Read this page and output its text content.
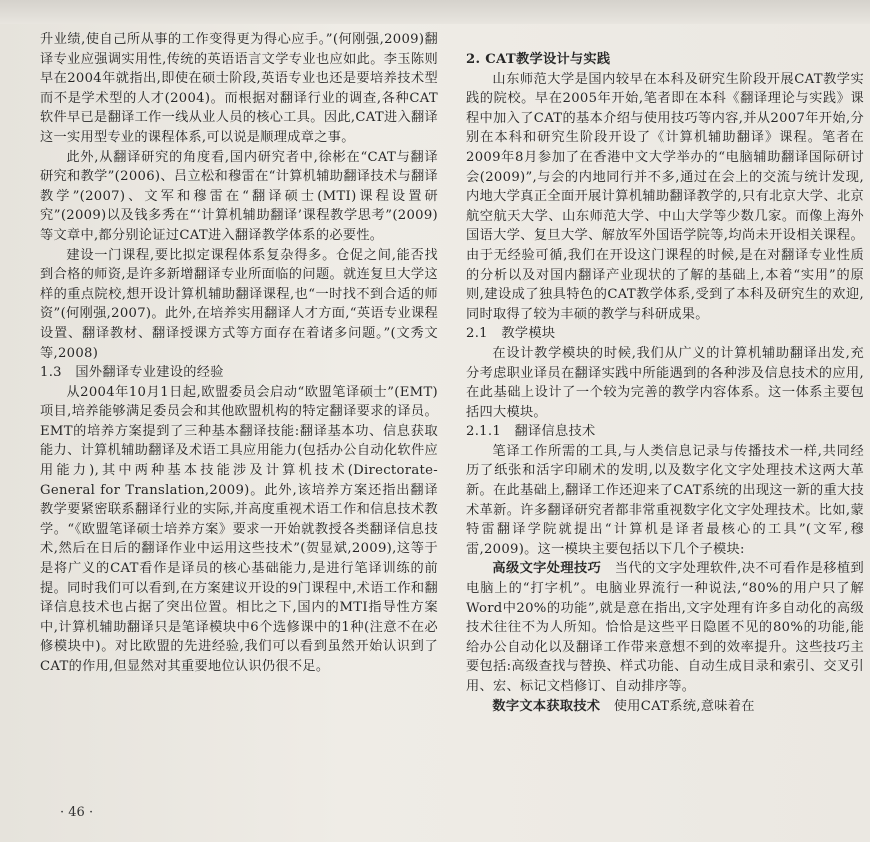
升业绩,使自己所从事的工作变得更为得心应手。”(何刚强,2009)翻译专业应强调实用性,传统的英语语言文学专业也应如此。李玉陈则早在2004年就指出,即使在硕士阶段,英语专业也还是要培养技术型而不是学术型的人才(2004)。而根据对翻译行业的调查,各种CAT软件早已是翻译工作一线从业人员的核心工具。因此,CAT进入翻译这一实用型专业的课程体系,可以说是顺理成章之事。

此外,从翻译研究的角度看,国内研究者中,徐彬在“CAT与翻译研究和教学”(2006)、吕立松和穆雷在“计算机辅助翻译技术与翻译教学”(2007)、文军和穆雷在“翻译硕士(MTI)课程设置研究”(2009)以及钱多秀在“‘计算机辅助翻译’课程教学思考”(2009)等文章中,都分别论证过CAT进入翻译教学体系的必要性。

建设一门课程,要比拟定课程体系复杂得多。仓促之间,能否找到合格的师资,是许多新增翻译专业所面临的问题。就连复旦大学这样的重点院校,想开设计算机辅助翻译课程,也“一时找不到合适的师资”(何刚强,2007)。此外,在培养实用翻译人才方面,“英语专业课程设置、翻译教材、翻译授课方式等方面存在着诸多问题。”(文秀文等,2008)

1.3　国外翻译专业建设的经验

从2004年10月1日起,欧盟委员会启动“欧盟笔译硕士”(EMT)项目,培养能够满足委员会和其他欧盟机构的特定翻译要求的译员。EMT的培养方案提到了三种基本翻译技能:翻译基本功、信息获取能力、计算机辅助翻译及术语工具应用能力(包括办公自动化软件应用能力),其中两种基本技能涉及计算机技术(Directorate-General for Translation,2009)。此外,该培养方案还指出翻译教学要紧密联系翻译行业的实际,并高度重视术语工作和信息技术教学。“《欧盟笔译硕士培养方案》要求一开始就教授各类翻译信息技术,然后在日后的翻译作业中运用这些技术”(贺显斌,2009),这等于是将广义的CAT看作是译员的核心基础能力,是进行笔译训练的前提。同时我们可以看到,在方案建议开设的9门课程中,术语工作和翻译信息技术也占据了突出位置。相比之下,国内的MTI指导性方案中,计算机辅助翻译只是笔译模块中6个选修课中的1种(注意不在必修模块中)。对比欧盟的先进经验,我们可以看到虽然开始认识到了CAT的作用,但显然对其重要地位认识仍很不足。

2. CAT教学设计与实践

山东师范大学是国内较早在本科及研究生阶段开展CAT教学实践的院校。早在2005年开始,笔者即在本科《翻译理论与实践》课程中加入了CAT的基本介绍与使用技巧等内容,并从2007年开始,分别在本科和研究生阶段开设了《计算机辅助翻译》课程。笔者在2009年8月参加了在香港中文大学举办的“电脑辅助翻译国际研讨会(2009)”,与会的内地同行并不多,通过在会上的交流与统计发现,内地大学真正全面开展计算机辅助翻译教学的,只有北京大学、北京航空航天大学、山东师范大学、中山大学等少数几家。而像上海外国语大学、复旦大学、解放军外国语学院等,均尚未开设相关课程。由于无经验可循,我们在开设这门课程的时候,是在对翻译专业性质的分析以及对国内翻译产业现状的了解的基础上,本着“实用”的原则,建设成了独具特色的CAT教学体系,受到了本科及研究生的欢迎,同时取得了较为丰硕的教学与科研成果。

2.1　教学模块

在设计教学模块的时候,我们从广义的计算机辅助翻译出发,充分考虑职业译员在翻译实践中所能遇到的各种涉及信息技术的应用,在此基础上设计了一个较为完善的教学内容体系。这一体系主要包括四大模块。

2.1.1　翻译信息技术

笔译工作所需的工具,与人类信息记录与传播技术一样,共同经历了纸张和活字印刷术的发明,以及数字化文字处理技术这两大革新。在此基础上,翻译工作还迎来了CAT系统的出现这一新的重大技术革新。许多翻译研究者都非常重视数字化文字处理技术。比如,蒙特雷翻译学院就提出“计算机是译者最核心的工具”(文军,穆雷,2009)。这一模块主要包括以下几个子模块:

高级文字处理技巧　当代的文字处理软件,决不可看作是移植到电脑上的“打字机”。电脑业界流行一种说法,“80%的用户只了解Word中20%的功能”,就是意在指出,文字处理有许多自动化的高级技术往往不为人所知。恰恰是这些平日隐匿不见的80%的功能,能给办公自动化以及翻译工作带来意想不到的效率提升。这些技巧主要包括:高级查找与替换、样式功能、自动生成目录和索引、交叉引用、宏、标记文档修订、自动排序等。

数字文本获取技术　使用CAT系统,意味着在

· 46 ·
